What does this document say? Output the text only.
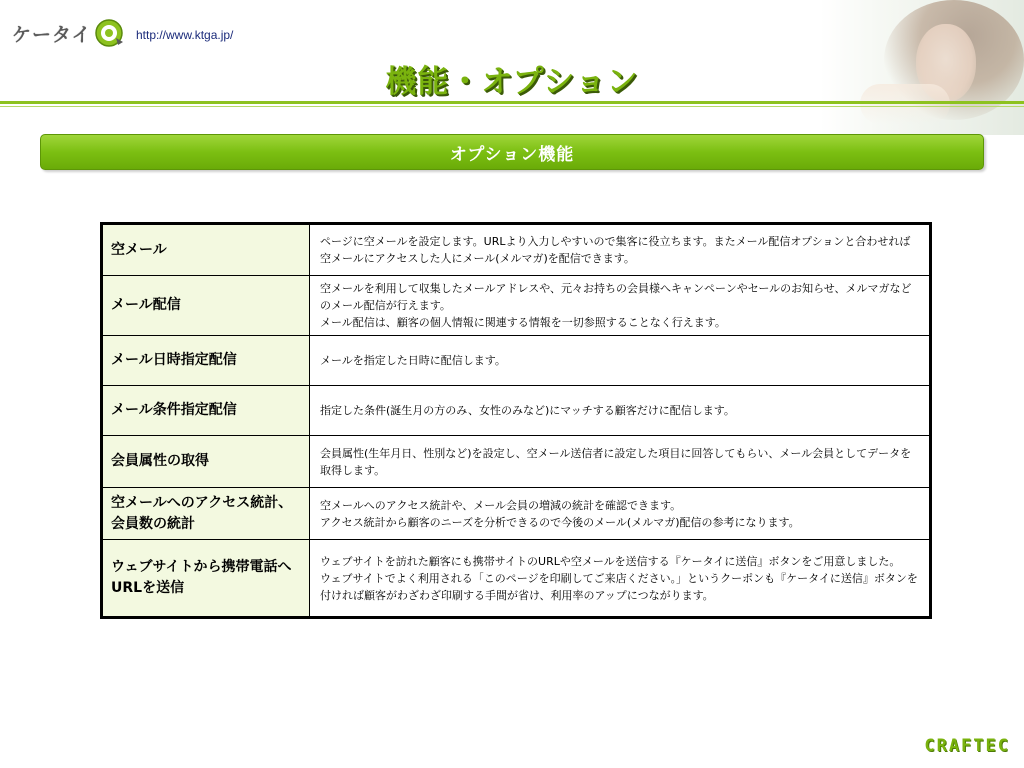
ケータイ	http://www.ktga.jp/
機能・オプション
オプション機能
空メール	ページに空メールを設定します。URLより入力しやすいので集客に役立ちます。またメール配信オプションと合わせれば空メールにアクセスした人にメール(メルマガ)を配信できます。

メール配信	空メールを利用して収集したメールアドレスや、元々お持ちの会員様へキャンペーンやセールのお知らせ、メルマガなどのメール配信が行えます。
メール配信は、顧客の個人情報に関連する情報を一切参照することなく行えます。

メール日時指定配信	メールを指定した日時に配信します。

メール条件指定配信	指定した条件(誕生月の方のみ、女性のみなど)にマッチする顧客だけに配信します。

会員属性の取得	会員属性(生年月日、性別など)を設定し、空メール送信者に設定した項目に回答してもらい、メール会員としてデータを取得します。

空メールへのアクセス統計、会員数の統計	空メールへのアクセス統計や、メール会員の増減の統計を確認できます。
アクセス統計から顧客のニーズを分析できるので今後のメール(メルマガ)配信の参考になります。

ウェブサイトから携帯電話へURLを送信	ウェブサイトを訪れた顧客にも携帯サイトのURLや空メールを送信する『ケータイに送信』ボタンをご用意しました。
ウェブサイトでよく利用される「このページを印刷してご来店ください。」というクーポンも『ケータイに送信』ボタンを付ければ顧客がわざわざ印刷する手間が省け、利用率のアップにつながります。
CRAFTEC
